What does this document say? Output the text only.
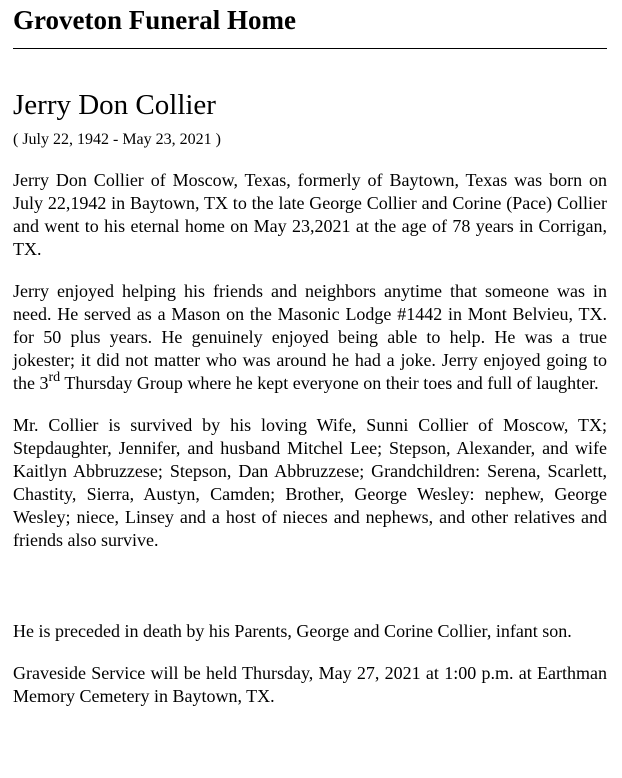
Groveton Funeral Home
Jerry Don Collier

( July 22, 1942 - May 23, 2021 )

Jerry Don Collier of Moscow, Texas, formerly of Baytown, Texas was born on July 22,1942 in Baytown, TX to the late George Collier and Corine (Pace) Collier and went to his eternal home on May 23,2021 at the age of 78 years in Corrigan, TX.

Jerry enjoyed helping his friends and neighbors anytime that someone was in need. He served as a Mason on the Masonic Lodge #1442 in Mont Belvieu, TX. for 50 plus years. He genuinely enjoyed being able to help. He was a true jokester; it did not matter who was around he had a joke. Jerry enjoyed going to the 3rd Thursday Group where he kept everyone on their toes and full of laughter.

Mr. Collier is survived by his loving Wife, Sunni Collier of Moscow, TX; Stepdaughter, Jennifer, and husband Mitchel Lee; Stepson, Alexander, and wife Kaitlyn Abbruzzese; Stepson, Dan Abbruzzese; Grandchildren: Serena, Scarlett, Chastity, Sierra, Austyn, Camden; Brother, George Wesley: nephew, George Wesley; niece, Linsey and a host of nieces and nephews, and other relatives and friends also survive.

He is preceded in death by his Parents, George and Corine Collier, infant son.

Graveside Service will be held Thursday, May 27, 2021 at 1:00 p.m. at Earthman Memory Cemetery in Baytown, TX.
